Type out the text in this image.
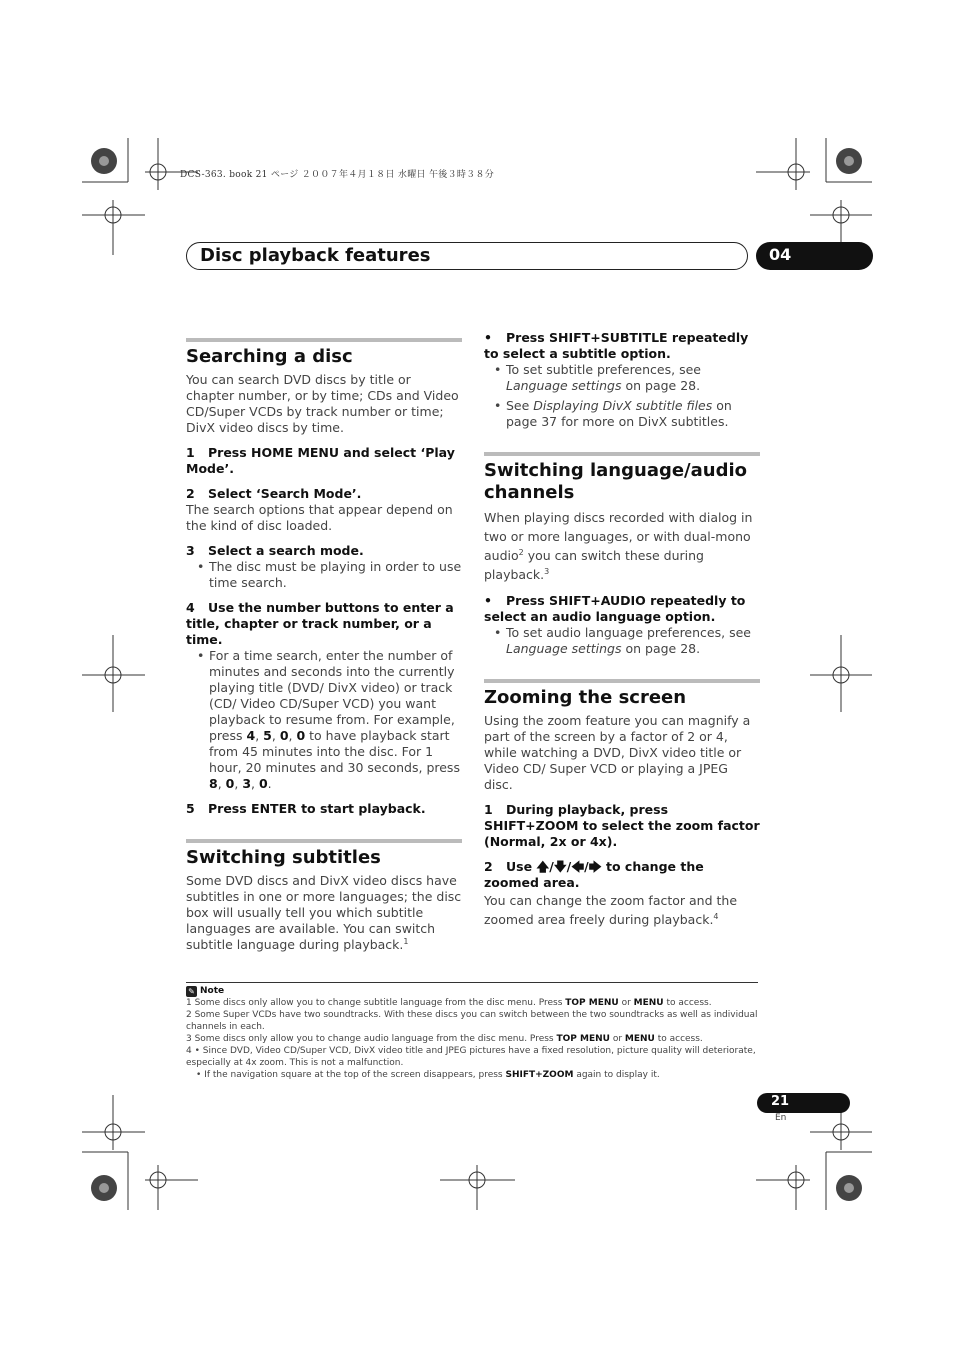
DCS-363. book 21 ページ ２００７年４月１８日 水曜日 午後３時３８分
Disc playback features	04
Searching a disc

You can search DVD discs by title or chapter number, or by time; CDs and Video CD/Super VCDs by track number or time; DivX video discs by time.

1 Press HOME MENU and select ‘Play Mode’.
2 Select ‘Search Mode’.

The search options that appear depend on the kind of disc loaded.

3 Select a search mode.

• The disc must be playing in order to use time search.

4 Use the number buttons to enter a title, chapter or track number, or a time.

• For a time search, enter the number of minutes and seconds into the currently playing title (DVD/ DivX video) or track (CD/ Video CD/Super VCD) you want playback to resume from. For example, press 4, 5, 0, 0 to have playback start from 45 minutes into the disc. For 1 hour, 20 minutes and 30 seconds, press 8, 0, 3, 0.

5 Press ENTER to start playback.
Switching subtitles

Some DVD discs and DivX video discs have subtitles in one or more languages; the disc box will usually tell you which subtitle languages are available. You can switch subtitle language during playback.$^1$

• Press SHIFT+SUBTITLE repeatedly to select a subtitle option.

• To set subtitle preferences, see Language settings on page 28.

• See Displaying DivX subtitle files on page 37 for more on DivX subtitles.

Switching language/audio channels

When playing discs recorded with dialog in two or more languages, or with dual-mono audio$^2$ you can switch these during playback.$^3$

• Press SHIFT+AUDIO repeatedly to select an audio language option.

• To set audio language preferences, see Language settings on page 28.

Zooming the screen

Using the zoom feature you can magnify a part of the screen by a factor of 2 or 4, while watching a DVD, DivX video title or Video CD/ Super VCD or playing a JPEG disc.

1 During playback, press SHIFT+ZOOM to select the zoom factor (Normal, 2x or 4x).
2 Use 🡅/🡇/🡄/🡆 to change the zoomed area.

You can change the zoom factor and the zoomed area freely during playback.$^4$

✎ Note
1 Some discs only allow you to change subtitle language from the disc menu. Press TOP MENU or MENU to access.
2 Some Super VCDs have two soundtracks. With these discs you can switch between the two soundtracks as well as individual channels in each.
3 Some discs only allow you to change audio language from the disc menu. Press TOP MENU or MENU to access.
4 • Since DVD, Video CD/Super VCD, DivX video title and JPEG pictures have a fixed resolution, picture quality will deteriorate, especially at 4x zoom. This is not a malfunction.
• If the navigation square at the top of the screen disappears, press SHIFT+ZOOM again to display it.
21
En
